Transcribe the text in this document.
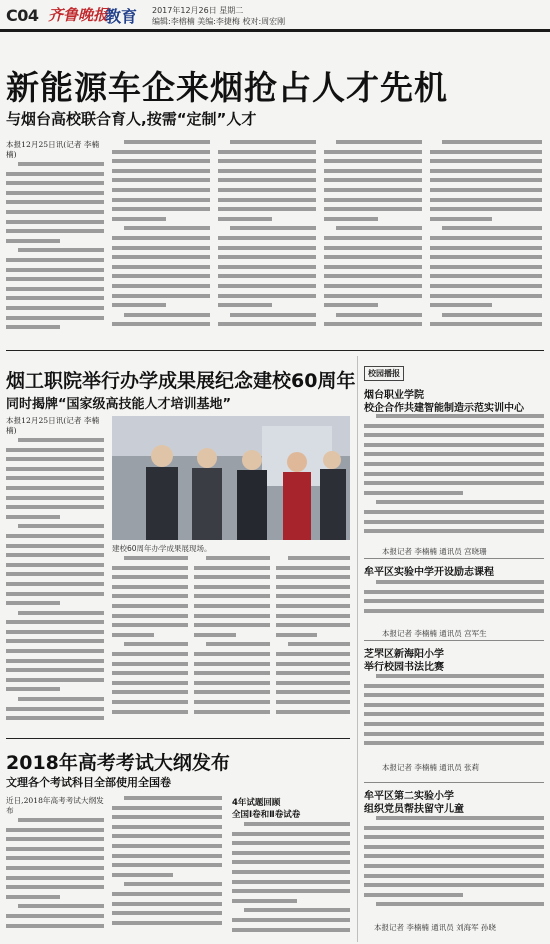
C04 齐鲁晚报
教育 2017年12月26日 星期二
编辑:李榕楠 美编:李捷梅 校对:周宏刚
新能源车企来烟抢占人才先机
与烟台高校联合育人,按需“定制”人才
本报12月25日讯(记者 李楠楠)
烟工职院举行办学成果展纪念建校60周年
同时揭牌“国家级高技能人才培训基地”
本报12月25日讯(记者 李楠楠)
建校60周年办学成果展现场。
校园播报
烟台职业学院
校企合作共建智能制造示范实训中心
本报记者 李楠楠 通讯员 宫晓珊
牟平区实验中学开设励志课程
本报记者 李楠楠 通讯员 宫军生
芝罘区新海阳小学
举行校园书法比赛
本报记者 李楠楠 通讯员 张莉
牟平区第二实验小学
组织党员帮扶留守儿童
本报记者 李楠楠 通讯员 刘海军 孙晓
2018年高考考试大纲发布
文理各个考试科目全部使用全国卷
近日,2018年高考考试大纲发布
4年试题回顾
全国Ⅰ卷和Ⅱ卷试卷
